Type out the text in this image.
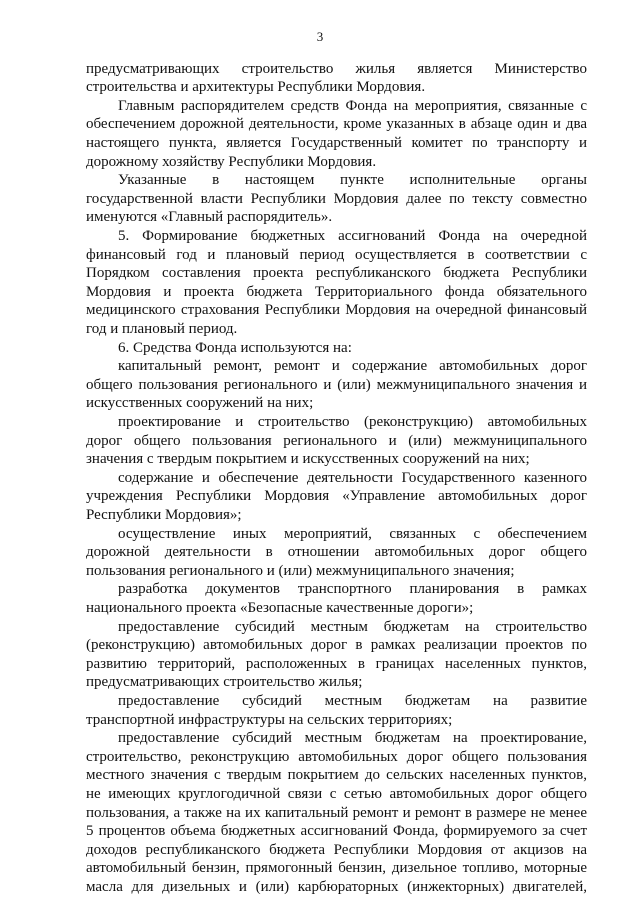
3
предусматривающих строительство жилья является Министерство
строительства и архитектуры Республики Мордовия.
Главным распорядителем средств Фонда на мероприятия, связанные с
обеспечением дорожной деятельности, кроме указанных в абзаце один и два
настоящего пункта, является Государственный комитет по транспорту и
дорожному хозяйству Республики Мордовия.
Указанные в настоящем пункте исполнительные органы
государственной власти Республики Мордовия далее по тексту совместно
именуются «Главный распорядитель».
5. Формирование бюджетных ассигнований Фонда на очередной
финансовый год и плановый период осуществляется в соответствии с
Порядком составления проекта республиканского бюджета Республики
Мордовия и проекта бюджета Территориального фонда обязательного
медицинского страхования Республики Мордовия на очередной финансовый
год и плановый период.
6. Средства Фонда используются на:
капитальный ремонт, ремонт и содержание автомобильных дорог
общего пользования регионального и (или) межмуниципального значения и
искусственных сооружений на них;
проектирование и строительство (реконструкцию) автомобильных
дорог общего пользования регионального и (или) межмуниципального
значения с твердым покрытием и искусственных сооружений на них;
содержание и обеспечение деятельности Государственного казенного
учреждения Республики Мордовия «Управление автомобильных дорог
Республики Мордовия»;
осуществление иных мероприятий, связанных с обеспечением
дорожной деятельности в отношении автомобильных дорог общего
пользования регионального и (или) межмуниципального значения;
разработка документов транспортного планирования в рамках
национального проекта «Безопасные качественные дороги»;
предоставление субсидий местным бюджетам на строительство
(реконструкцию) автомобильных дорог в рамках реализации проектов по
развитию территорий, расположенных в границах населенных пунктов,
предусматривающих строительство жилья;
предоставление субсидий местным бюджетам на развитие
транспортной инфраструктуры на сельских территориях;
предоставление субсидий местным бюджетам на проектирование,
строительство, реконструкцию автомобильных дорог общего пользования
местного значения с твердым покрытием до сельских населенных пунктов,
не имеющих круглогодичной связи с сетью автомобильных дорог общего
пользования, а также на их капитальный ремонт и ремонт в размере не менее
5 процентов объема бюджетных ассигнований Фонда, формируемого за счет
доходов республиканского бюджета Республики Мордовия от акцизов на
автомобильный бензин, прямогонный бензин, дизельное топливо, моторные
масла для дизельных и (или) карбюраторных (инжекторных) двигателей,
